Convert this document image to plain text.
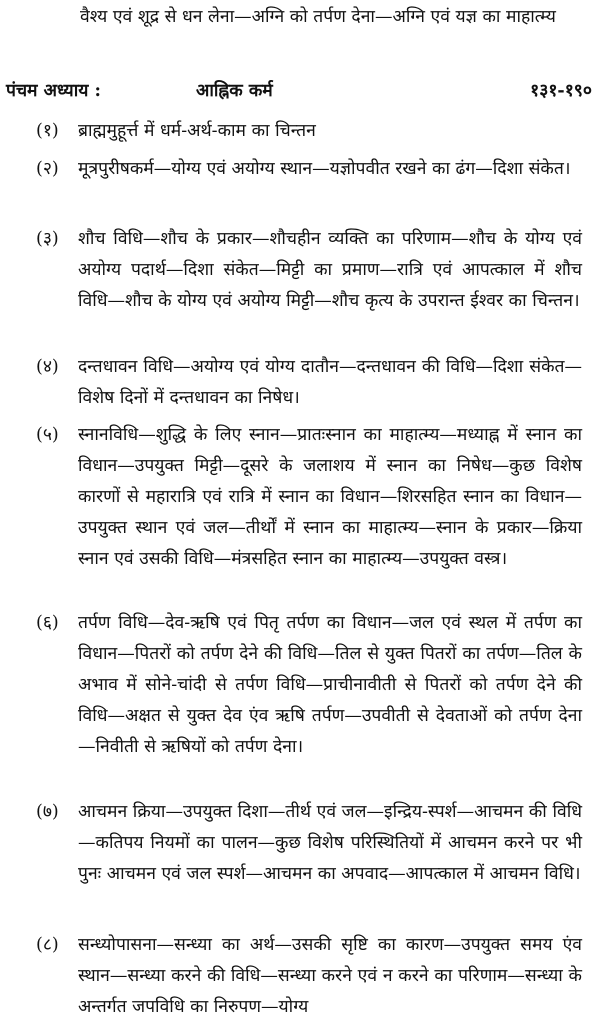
वैश्य एवं शूद्र से धन लेना—अग्नि को तर्पण देना—अग्नि एवं यज्ञ का माहात्म्य
पंचम अध्याय :	आह्निक कर्म	१३१-१९०
(१)	ब्राह्ममुहूर्त्त में धर्म-अर्थ-काम का चिन्तन
(२)	मूत्रपुरीषकर्म—योग्य एवं अयोग्य स्थान—यज्ञोपवीत रखने का ढंग—दिशा संकेत।
(३)	शौच विधि—शौच के प्रकार—शौचहीन व्यक्ति का परिणाम—शौच के योग्य एवं अयोग्य पदार्थ—दिशा संकेत—मिट्टी का प्रमाण—रात्रि एवं आपत्काल में शौच विधि—शौच के योग्य एवं अयोग्य मिट्टी—शौच कृत्य के उपरान्त ईश्वर का चिन्तन।
(४)	दन्तधावन विधि—अयोग्य एवं योग्य दातौन—दन्तधावन की विधि—दिशा संकेत—विशेष दिनों में दन्तधावन का निषेध।
(५)	स्नानविधि—शुद्धि के लिए स्नान—प्रातःस्नान का माहात्म्य—मध्याह्न में स्नान का विधान—उपयुक्त मिट्टी—दूसरे के जलाशय में स्नान का निषेध—कुछ विशेष कारणों से महारात्रि एवं रात्रि में स्नान का विधान—शिरसहित स्नान का विधान—उपयुक्त स्थान एवं जल—तीर्थों में स्नान का माहात्म्य—स्नान के प्रकार—क्रिया स्नान एवं उसकी विधि—मंत्रसहित स्नान का माहात्म्य—उपयुक्त वस्त्र।
(६)	तर्पण विधि—देव-ऋषि एवं पितृ तर्पण का विधान—जल एवं स्थल में तर्पण का विधान—पितरों को तर्पण देने की विधि—तिल से युक्त पितरों का तर्पण—तिल के अभाव में सोने-चांदी से तर्पण विधि—प्राचीनावीती से पितरों को तर्पण देने की विधि—अक्षत से युक्त देव एंव ऋषि तर्पण—उपवीती से देवताओं को तर्पण देना—निवीती से ऋषियों को तर्पण देना।
(७)	आचमन क्रिया—उपयुक्त दिशा—तीर्थ एवं जल—इन्द्रिय-स्पर्श—आचमन की विधि—कतिपय नियमों का पालन—कुछ विशेष परिस्थितियों में आचमन करने पर भी पुनः आचमन एवं जल स्पर्श—आचमन का अपवाद—आपत्काल में आचमन विधि।
(८)	सन्ध्योपासना—सन्ध्या का अर्थ—उसकी सृष्टि का कारण—उपयुक्त समय एंव स्थान—सन्ध्या करने की विधि—सन्ध्या करने एवं न करने का परिणाम—सन्ध्या के अन्तर्गत जपविधि का निरुपण—योग्य
